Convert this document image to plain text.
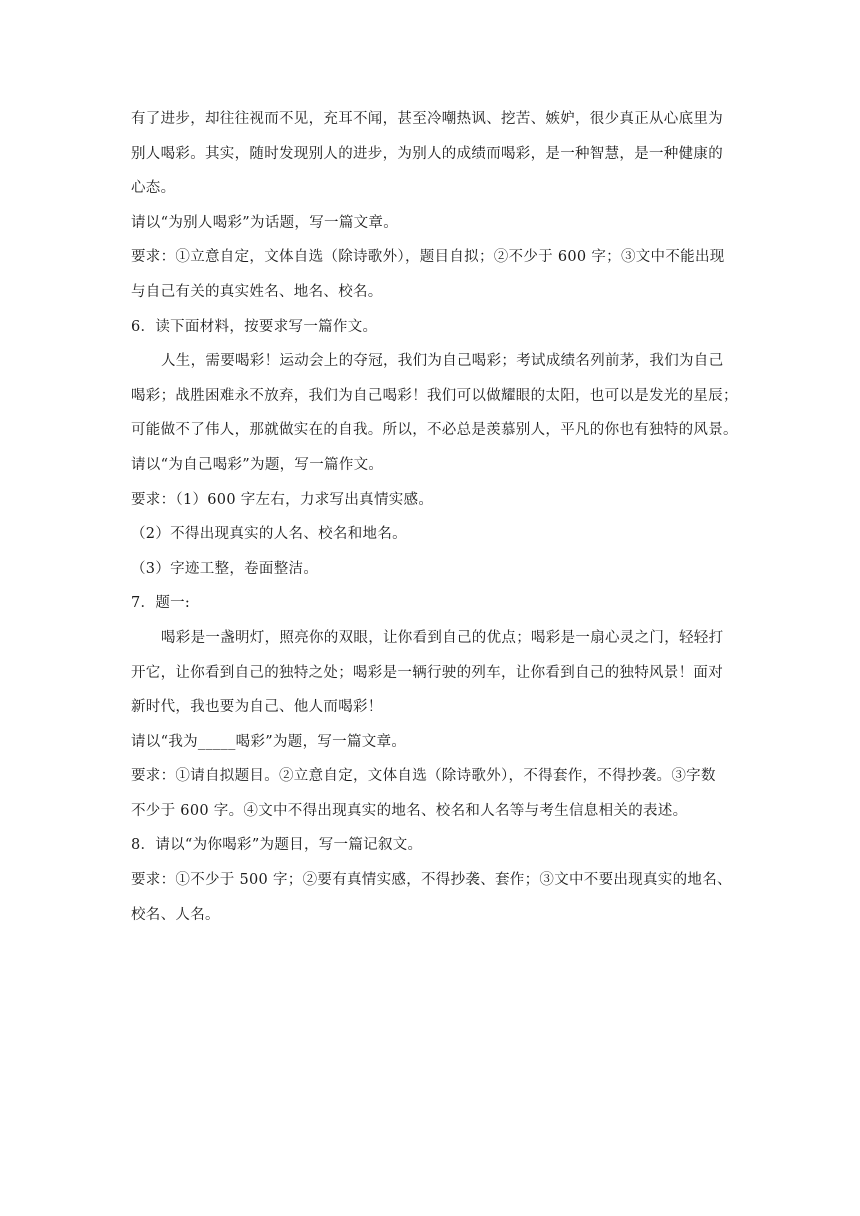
有了进步，却往往视而不见，充耳不闻，甚至冷嘲热讽、挖苦、嫉妒，很少真正从心底里为
别人喝彩。其实，随时发现别人的进步，为别人的成绩而喝彩，是一种智慧，是一种健康的
心态。
请以“为别人喝彩”为话题，写一篇文章。
要求：①立意自定，文体自选（除诗歌外），题目自拟；②不少于 600 字；③文中不能出现
与自己有关的真实姓名、地名、校名。
6．读下面材料，按要求写一篇作文。
人生，需要喝彩！运动会上的夺冠，我们为自己喝彩；考试成绩名列前茅，我们为自己
喝彩；战胜困难永不放弃，我们为自己喝彩！我们可以做耀眼的太阳，也可以是发光的星辰；
可能做不了伟人，那就做实在的自我。所以，不必总是羡慕别人，平凡的你也有独特的风景。
请以“为自己喝彩”为题，写一篇作文。
要求：（1）600 字左右，力求写出真情实感。
（2）不得出现真实的人名、校名和地名。
（3）字迹工整，卷面整洁。
7．题一:
喝彩是一盏明灯，照亮你的双眼，让你看到自己的优点；喝彩是一扇心灵之门，轻轻打
开它，让你看到自己的独特之处；喝彩是一辆行驶的列车，让你看到自己的独特风景！面对
新时代，我也要为自己、他人而喝彩！
请以“我为_____喝彩”为题，写一篇文章。
要求：①请自拟题目。②立意自定，文体自选（除诗歌外），不得套作，不得抄袭。③字数
不少于 600 字。④文中不得出现真实的地名、校名和人名等与考生信息相关的表述。
8．请以“为你喝彩”为题目，写一篇记叙文。
要求：①不少于 500 字；②要有真情实感，不得抄袭、套作；③文中不要出现真实的地名、
校名、人名。
